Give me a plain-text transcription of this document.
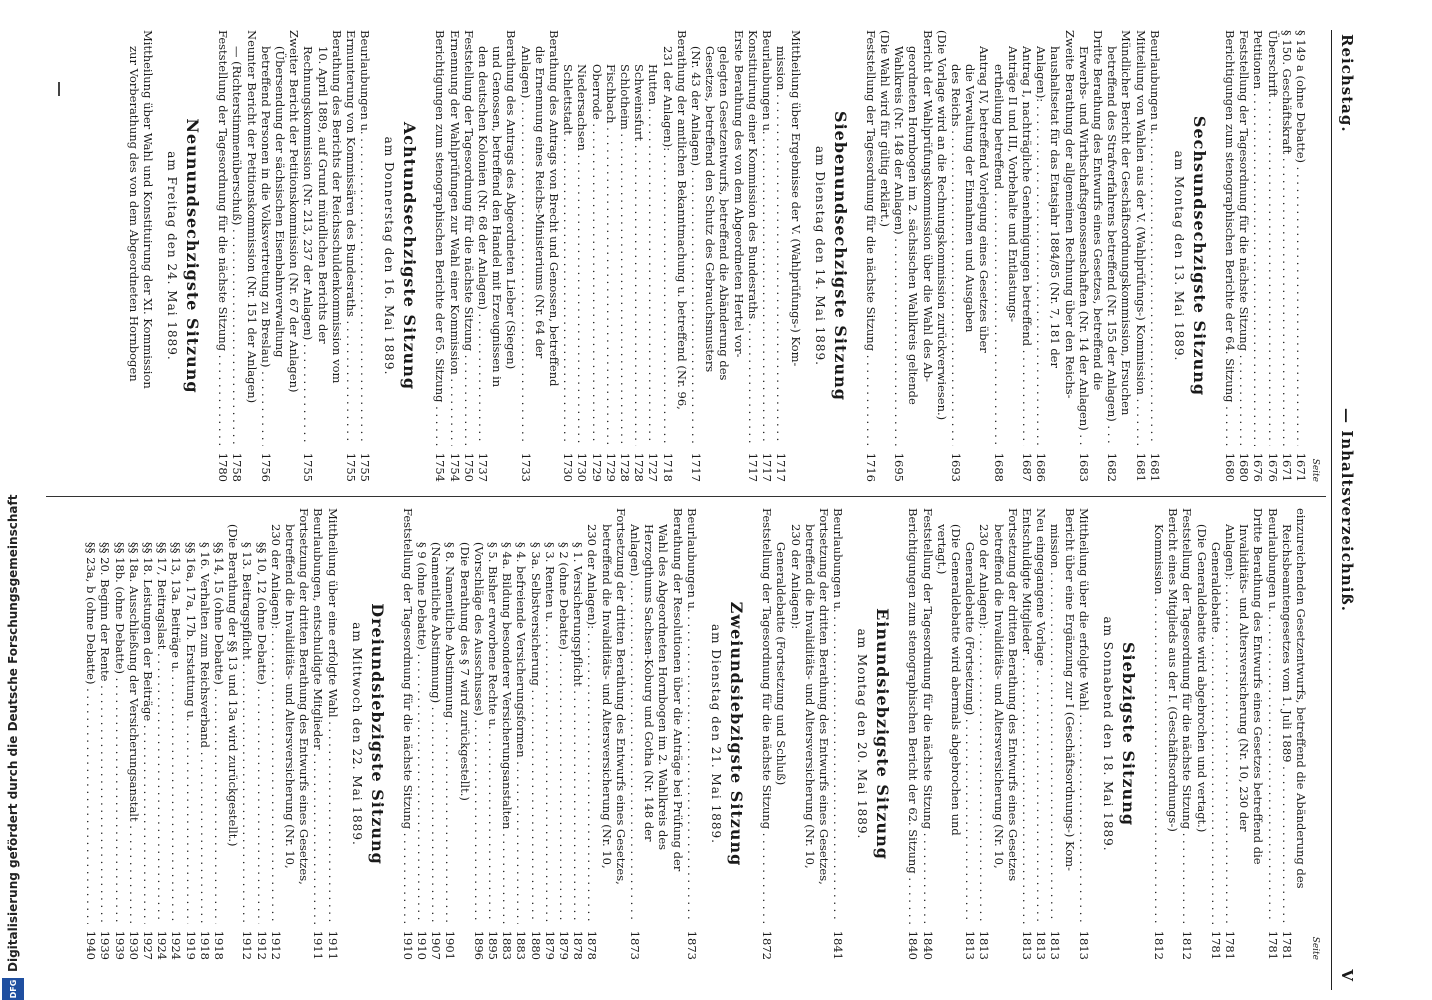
Reichstag.
— Inhaltsverzeichniß.
V
Seite
§ 149 a (ohne Debatte) . . .
1671
§ 150. Geschäftskraft . . .
1671
Überschrift . . .
1676
Petitionen . . .
1676
Feststellung der Tagesordnung für die nächste Sitzung . . .
1680
Berichtigungen zum stenographischen Berichte der 64. Sitzung . . .
1680
Sechsundsechzigste Sitzung
am Montag den 13. Mai 1889.
Beurlaubungen u. . . .
1681
Mitteilung von Wahlen aus der V. (Wahlprüfungs-) Kommission . . .
1681
Mündlicher Bericht der Geschäftsordnungskommission, Ersuchen
betreffend des Strafverfahrens betreffend (Nr. 155 der Anlagen) . . .
1682
Dritte Berathung des Entwurfs eines Gesetzes, betreffend die
Erwerbs- und Wirthschaftsgenossenschaften (Nr. 14 der Anlagen) . . .
1683
Zweite Berathung der allgemeinen Rechnung über den Reichs-
haushaltsetat für das Etatsjahr 1884/85 (Nr. 7, 181 der
Anlagen): . . .
1686
Antrag I, nachträgliche Genehmigungen betreffend . . .
1687
Anträge II und III, Vorbehalte und Entlastungs-
ertheilung betreffend . . .
1688
Antrag IV, betreffend Vorlegung eines Gesetzes über
die Verwaltung der Einnahmen und Ausgaben
des Reichs . . .
1693
(Die Vorlage wird an die Rechnungskommission zurückverwiesen.)
Bericht der Wahlprüfungskommission über die Wahl des Ab-
geordneten Hornbogen im 2. sächsischen Wahlkreis geltende
Wahlkreis (Nr. 148 der Anlagen) . . .
1695
(Die Wahl wird für gültig erklärt.)
Feststellung der Tagesordnung für die nächste Sitzung . . .
1716
Siebenundsechzigste Sitzung
am Dienstag den 14. Mai 1889.
Mittheilung über Ergebnisse der V. (Wahlprüfungs-) Kom-
mission . . .
1717
Beurlaubungen u. . . .
1717
Konstituirung einer Kommission des Bundesraths . . .
1717
Erste Berathung des von dem Abgeordneten Hertel vor-
gelegten Gesetzentwurfs, betreffend die Abänderung des
Gesetzes, betreffend den Schutz des Gebrauchsmusters
(Nr. 43 der Anlagen) . . .
1717
Berathung der amtlichen Bekanntmachung u. betreffend (Nr. 96,
231 der Anlagen): . . .
1718
Hutten . . .
1727
Schweinsfurt . . .
1728
Schlotheim . . .
1728
Fischbach . . .
1729
Oberrode . . .
1729
Niedersachsen . . .
1730
Schlettstadt . . .
1730
Berathung des Antrags von Brecht und Genossen, betreffend
die Ernennung eines Reichs-Ministeriums (Nr. 64 der
Anlagen) . . .
1733
Berathung des Antrags des Abgeordneten Lieber (Siegen)
und Genossen, betreffend den Handel mit Erzeugnissen in
den deutschen Kolonien (Nr. 68 der Anlagen) . . .
1737
Feststellung der Tagesordnung für die nächste Sitzung . . .
1750
Ernennung der Wahlprüfungen zur Wahl einer Kommission . . .
1754
Berichtigungen zum stenographischen Berichte der 65. Sitzung . . .
1754
Achtundsechzigste Sitzung
am Donnerstag den 16. Mai 1889.
Beurlaubungen u. . . .
1755
Ermunterung von Kommissären des Bundesraths . . .
1755
Berathung des Berichts der Reichsschuldenkommission vom
10. April 1889, auf Grund mündlichen Berichts der
Rechnungskommission (Nr. 213, 237 der Anlagen) . . .
1755
Zweiter Bericht der Petitionskommission (Nr. 67 der Anlagen)
(Übersendung der sächsischen Eisenbahnverwaltung
betreffend Personen in die Volksvertretung zu Breslau) . . .
1756
Neunter Bericht der Petitionskommission (Nr. 151 der Anlagen)
— (Richterstimmenüberschuß) . . .
1758
Feststellung der Tagesordnung für die nächste Sitzung . . .
1780
Neunundsechzigste Sitzung
am Freitag den 24. Mai 1889.
Mittheilung über Wahl und Konstituirung der XI. Kommission
zur Vorberathung des von dem Abgeordneten Hornbogen
Seite
einzureichenden Gesetzentwurfs, betreffend die Abänderung des
Reichsbeamtengesetzes vom 1. Juli 1889 . . .
1781
Beurlaubungen u. . . .
1781
Dritte Berathung des Entwurfs eines Gesetzes betreffend die
Invaliditäts- und Altersversicherung (Nr. 10, 230 der
Anlagen): . . .
1781
Generaldebatte . . .
1781
(Die Generaldebatte wird abgebrochen und vertagt.)
Feststellung der Tagesordnung für die nächste Sitzung . . .
1812
Bericht eines Mitglieds aus der I. (Geschäftsordnungs-)
Kommission . . .
1812
Siebzigste Sitzung
am Sonnabend den 18. Mai 1889.
Mittheilung über die erfolgte Wahl . . .
1813
Bericht über eine Ergänzung zur I (Geschäftsordnungs-) Kom-
mission . . .
1813
Neu eingegangene Vorlage . . .
1813
Entschuldigte Mitglieder . . .
1813
Fortsetzung der dritten Berathung des Entwurfs eines Gesetzes
betreffend die Invaliditäts- und Altersversicherung (Nr. 10,
230 der Anlagen): . . .
1813
Generaldebatte (Fortsetzung) . . .
1813
(Die Generaldebatte wird abermals abgebrochen und
vertagt.)
Feststellung der Tagesordnung für die nächste Sitzung . . .
1840
Berichtigungen zum stenographischen Bericht der 62. Sitzung . . .
1840
Einundsiebzigste Sitzung
am Montag den 20. Mai 1889.
Beurlaubungen u. . . .
1841
Fortsetzung der dritten Berathung des Entwurfs eines Gesetzes,
betreffend die Invaliditäts- und Altersversicherung (Nr. 10,
230 der Anlagen):
Generaldebatte (Fortsetzung und Schluß)
Feststellung der Tagesordnung für die nächste Sitzung . . .
1872
Zweiundsiebzigste Sitzung
am Dienstag den 21. Mai 1889.
Beurlaubungen u. . . .
1873
Berathung der Resolutionen über die Anträge bei Prüfung der
Wahl des Abgeordneten Hornbogen im 2. Wahlkreis des
Herzogthums Sachsen-Koburg und Gotha (Nr. 148 der
Anlagen) . . .
1873
Fortsetzung der dritten Berathung des Entwurfs eines Gesetzes,
betreffend die Invaliditäts- und Altersversicherung (Nr. 10,
230 der Anlagen): . . .
1878
§ 1. Versicherungspflicht . . .
1878
§ 2 (ohne Debatte) . . .
1879
§ 3. Renten u. . . .
1879
§ 3a. Selbstversicherung . . .
1880
§ 4. befreiende Versicherungsformen . . .
1883
§ 4a. Bildung besonderer Versicherungsanstalten . . .
1883
§ 5. Bisher erworbene Rechte u. . . .
1895
(Vorschläge des Ausschusses) . . .
1896
(Die Berathung des § 7 wird zurückgestellt.)
§ 8. Namentliche Abstimmung . . .
1901
(Namentliche Abstimmung) . . .
1907
§ 9 (ohne Debatte) . . .
1910
Feststellung der Tagesordnung für die nächste Sitzung . . .
1910
Dreiundsiebzigste Sitzung
am Mittwoch den 22. Mai 1889.
Mittheilung über eine erfolgte Wahl . . .
1911
Beurlaubungen, entschuldigte Mitglieder . . .
1911
Fortsetzung der dritten Berathung des Entwurfs eines Gesetzes,
betreffend die Invaliditäts- und Altersversicherung (Nr. 10,
230 der Anlagen): . . .
1912
§§ 10, 12 (ohne Debatte) . . .
1912
§ 13. Beitragspflicht . . .
1912
(Die Berathung der §§ 13 und 13a wird zurückgestellt.)
§§ 14, 15 (ohne Debatte) . . .
1918
§ 16. Verhalten zum Reichsverband . . .
1918
§§ 16a, 17a, 17b. Erstattung u. . . .
1919
§§ 13, 13a. Beiträge u. . . .
1924
§§ 17, Beitragslast . . .
1924
§§ 18. Leistungen der Beiträge . . .
1927
§§ 18a. Ausschließung der Versicherungsanstalt . . .
1930
§§ 18b. (ohne Debatte) . . .
1939
§§ 20. Beginn der Rente . . .
1939
§§ 23a, b (ohne Debatte) . . .
1940
DFG
Digitalisierung gefördert durch die Deutsche Forschungsgemeinschaft
